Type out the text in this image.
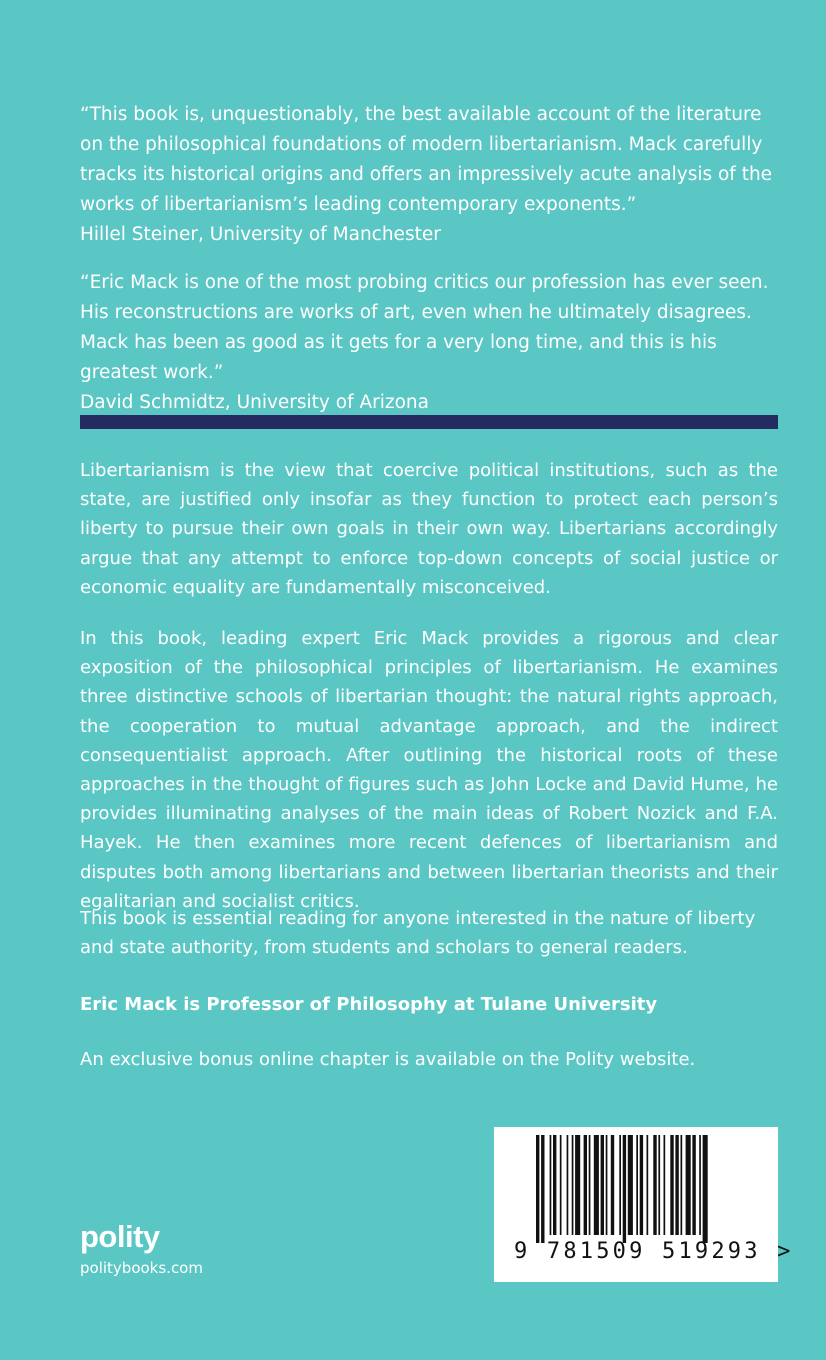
“This book is, unquestionably, the best available account of the literature on the philosophical foundations of modern libertarianism. Mack carefully tracks its historical origins and offers an impressively acute analysis of the works of libertarianism’s leading contemporary exponents.”
Hillel Steiner, University of Manchester
“Eric Mack is one of the most probing critics our profession has ever seen. His reconstructions are works of art, even when he ultimately disagrees. Mack has been as good as it gets for a very long time, and this is his greatest work.”
David Schmidtz, University of Arizona

Libertarianism is the view that coercive political institutions, such as the state, are justified only insofar as they function to protect each person’s liberty to pursue their own goals in their own way. Libertarians accordingly argue that any attempt to enforce top-down concepts of social justice or economic equality are fundamentally misconceived.

In this book, leading expert Eric Mack provides a rigorous and clear exposition of the philosophical principles of libertarianism. He examines three distinctive schools of libertarian thought: the natural rights approach, the cooperation to mutual advantage approach, and the indirect consequentialist approach. After outlining the historical roots of these approaches in the thought of figures such as John Locke and David Hume, he provides illuminating analyses of the main ideas of Robert Nozick and F.A. Hayek. He then examines more recent defences of libertarianism and disputes both among libertarians and between libertarian theorists and their egalitarian and socialist critics.

This book is essential reading for anyone interested in the nature of liberty and state authority, from students and scholars to general readers.

Eric Mack is Professor of Philosophy at Tulane University

An exclusive bonus online chapter is available on the Polity website.

polity
politybooks.com
9 781509 519293 >
